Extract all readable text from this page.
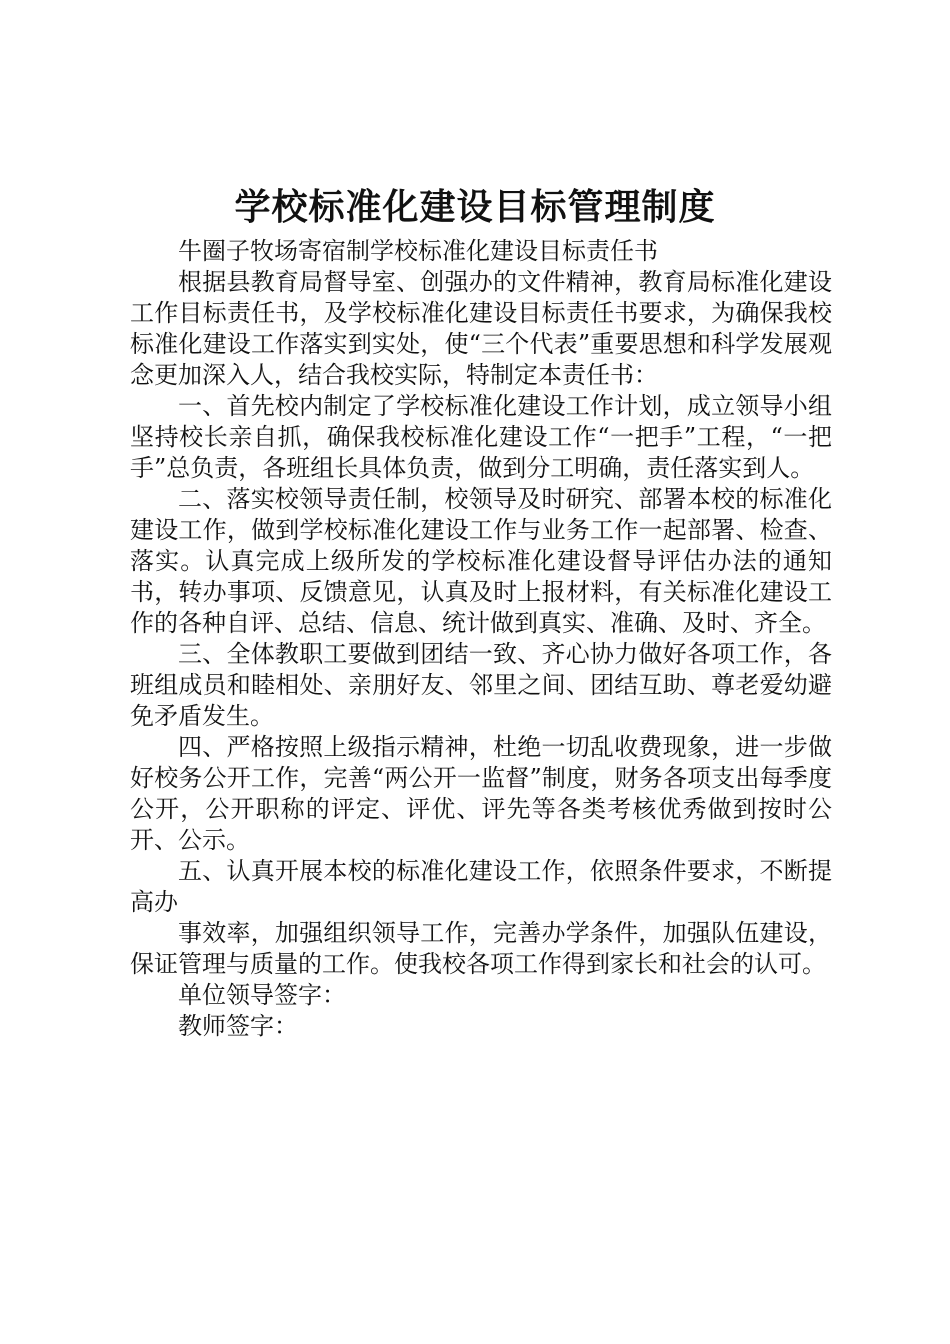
学校标准化建设目标管理制度

牛圈子牧场寄宿制学校标准化建设目标责任书

根据县教育局督导室、创强办的文件精神，教育局标准化建设工作目标责任书，及学校标准化建设目标责任书要求，为确保我校标准化建设工作落实到实处，使“三个代表”重要思想和科学发展观念更加深入人，结合我校实际，特制定本责任书：

一、首先校内制定了学校标准化建设工作计划，成立领导小组坚持校长亲自抓，确保我校标准化建设工作“一把手”工程，“一把手”总负责，各班组长具体负责，做到分工明确，责任落实到人。

二、落实校领导责任制，校领导及时研究、部署本校的标准化建设工作，做到学校标准化建设工作与业务工作一起部署、检查、落实。认真完成上级所发的学校标准化建设督导评估办法的通知书，转办事项、反馈意见，认真及时上报材料，有关标准化建设工作的各种自评、总结、信息、统计做到真实、准确、及时、齐全。

三、全体教职工要做到团结一致、齐心协力做好各项工作，各班组成员和睦相处、亲朋好友、邻里之间、团结互助、尊老爱幼避免矛盾发生。

四、严格按照上级指示精神，杜绝一切乱收费现象，进一步做好校务公开工作，完善“两公开一监督”制度，财务各项支出每季度公开，公开职称的评定、评优、评先等各类考核优秀做到按时公开、公示。

五、认真开展本校的标准化建设工作，依照条件要求，不断提高办

事效率，加强组织领导工作，完善办学条件，加强队伍建设，保证管理与质量的工作。使我校各项工作得到家长和社会的认可。

单位领导签字：

教师签字：
